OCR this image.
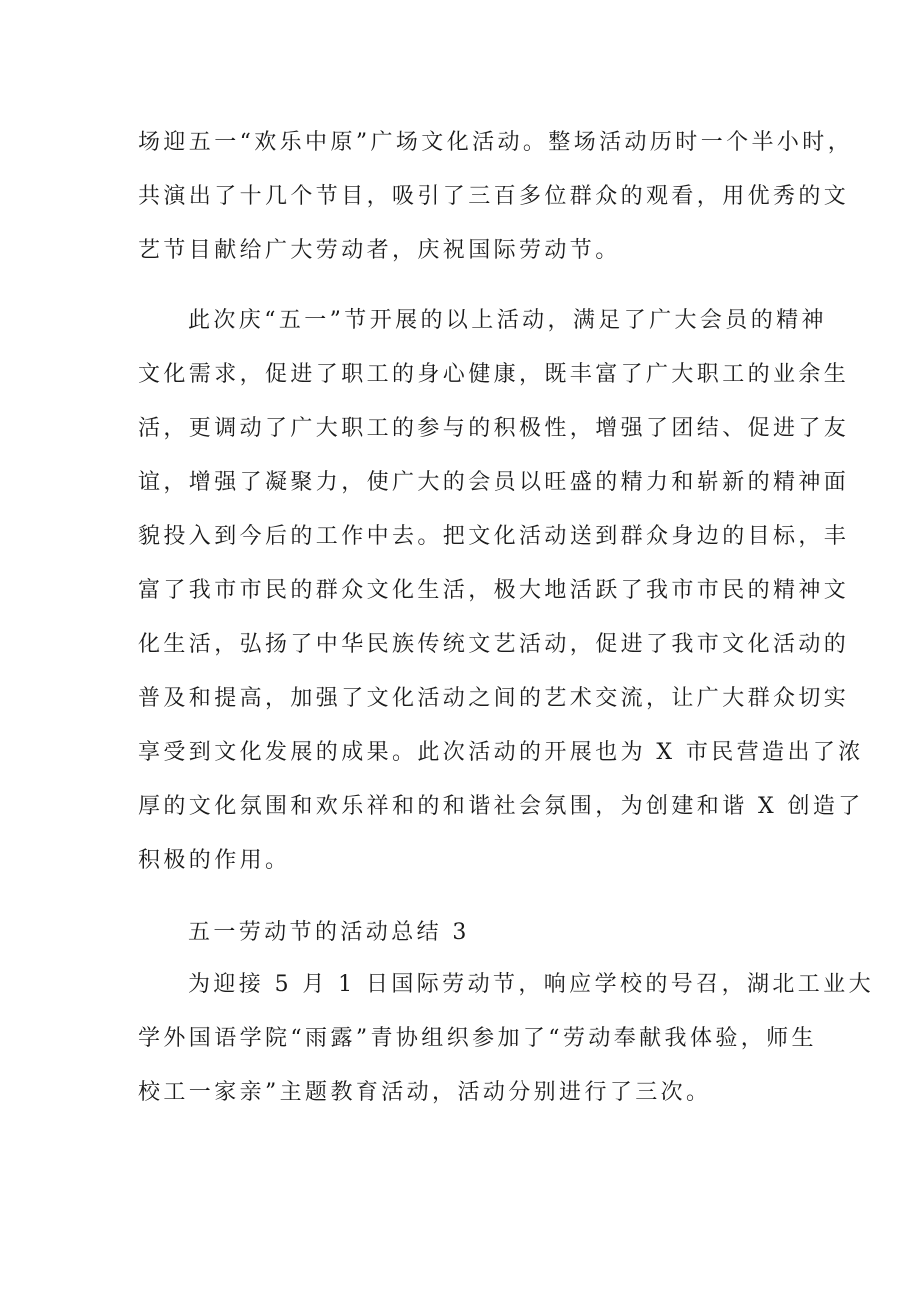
场迎五一“欢乐中原”广场文化活动。整场活动历时一个半小时，

共演出了十几个节目，吸引了三百多位群众的观看，用优秀的文

艺节目献给广大劳动者，庆祝国际劳动节。

此次庆“五一”节开展的以上活动，满足了广大会员的精神

文化需求，促进了职工的身心健康，既丰富了广大职工的业余生

活，更调动了广大职工的参与的积极性，增强了团结、促进了友

谊，增强了凝聚力，使广大的会员以旺盛的精力和崭新的精神面

貌投入到今后的工作中去。把文化活动送到群众身边的目标，丰

富了我市市民的群众文化生活，极大地活跃了我市市民的精神文

化生活，弘扬了中华民族传统文艺活动，促进了我市文化活动的

普及和提高，加强了文化活动之间的艺术交流，让广大群众切实

享受到文化发展的成果。此次活动的开展也为 X 市民营造出了浓

厚的文化氛围和欢乐祥和的和谐社会氛围，为创建和谐 X 创造了

积极的作用。

五一劳动节的活动总结 3

为迎接 5 月 1 日国际劳动节，响应学校的号召，湖北工业大

学外国语学院“雨露”青协组织参加了“劳动奉献我体验，师生

校工一家亲”主题教育活动，活动分别进行了三次。
